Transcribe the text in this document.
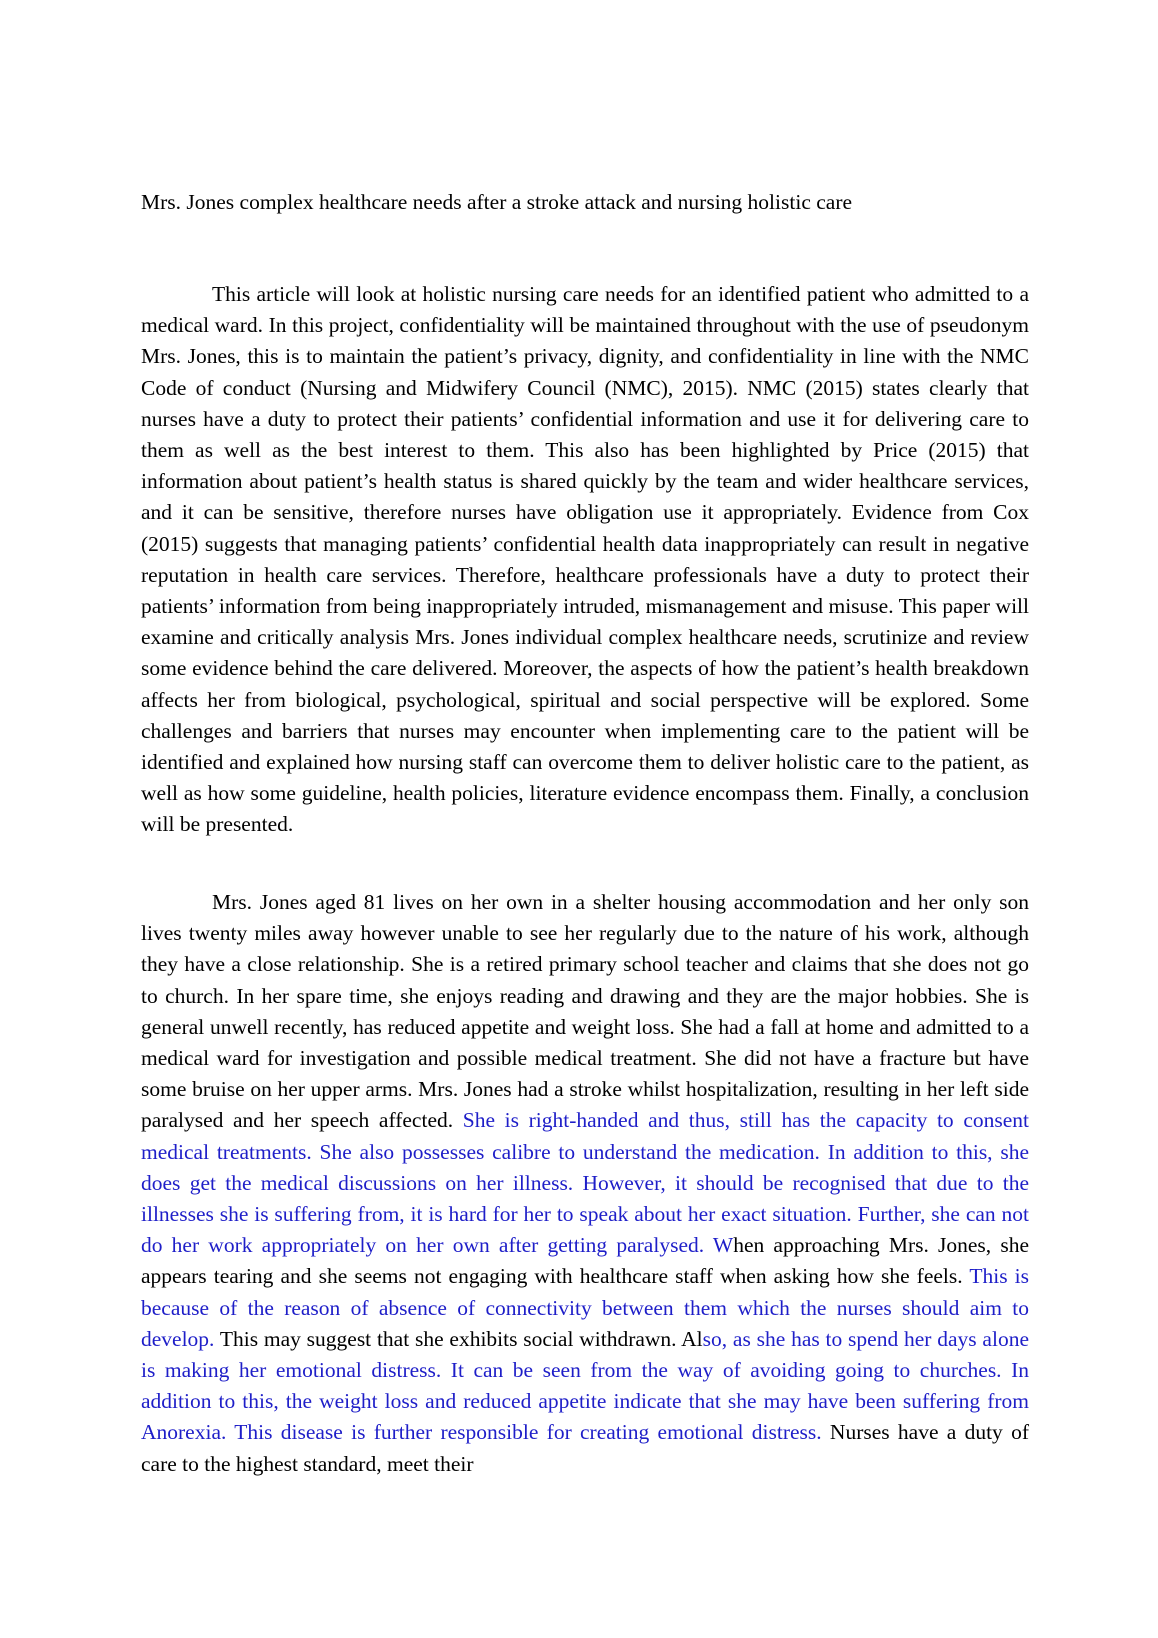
Mrs. Jones complex healthcare needs after a stroke attack and nursing holistic care

This article will look at holistic nursing care needs for an identified patient who admitted to a medical ward. In this project, confidentiality will be maintained throughout with the use of pseudonym Mrs. Jones, this is to maintain the patient’s privacy, dignity, and confidentiality in line with the NMC Code of conduct (Nursing and Midwifery Council (NMC), 2015). NMC (2015) states clearly that nurses have a duty to protect their patients’ confidential information and use it for delivering care to them as well as the best interest to them. This also has been highlighted by Price (2015) that information about patient’s health status is shared quickly by the team and wider healthcare services, and it can be sensitive, therefore nurses have obligation use it appropriately. Evidence from Cox (2015) suggests that managing patients’ confidential health data inappropriately can result in negative reputation in health care services. Therefore, healthcare professionals have a duty to protect their patients’ information from being inappropriately intruded, mismanagement and misuse. This paper will examine and critically analysis Mrs. Jones individual complex healthcare needs, scrutinize and review some evidence behind the care delivered. Moreover, the aspects of how the patient’s health breakdown affects her from biological, psychological, spiritual and social perspective will be explored. Some challenges and barriers that nurses may encounter when implementing care to the patient will be identified and explained how nursing staff can overcome them to deliver holistic care to the patient, as well as how some guideline, health policies, literature evidence encompass them. Finally, a conclusion will be presented.

Mrs. Jones aged 81 lives on her own in a shelter housing accommodation and her only son lives twenty miles away however unable to see her regularly due to the nature of his work, although they have a close relationship. She is a retired primary school teacher and claims that she does not go to church. In her spare time, she enjoys reading and drawing and they are the major hobbies. She is general unwell recently, has reduced appetite and weight loss. She had a fall at home and admitted to a medical ward for investigation and possible medical treatment. She did not have a fracture but have some bruise on her upper arms. Mrs. Jones had a stroke whilst hospitalization, resulting in her left side paralysed and her speech affected. She is right-handed and thus, still has the capacity to consent medical treatments. She also possesses calibre to understand the medication. In addition to this, she does get the medical discussions on her illness. However, it should be recognised that due to the illnesses she is suffering from, it is hard for her to speak about her exact situation. Further, she can not do her work appropriately on her own after getting paralysed. When approaching Mrs. Jones, she appears tearing and she seems not engaging with healthcare staff when asking how she feels. This is because of the reason of absence of connectivity between them which the nurses should aim to develop. This may suggest that she exhibits social withdrawn. Also, as she has to spend her days alone is making her emotional distress. It can be seen from the way of avoiding going to churches. In addition to this, the weight loss and reduced appetite indicate that she may have been suffering from Anorexia. This disease is further responsible for creating emotional distress. Nurses have a duty of care to the highest standard, meet their
